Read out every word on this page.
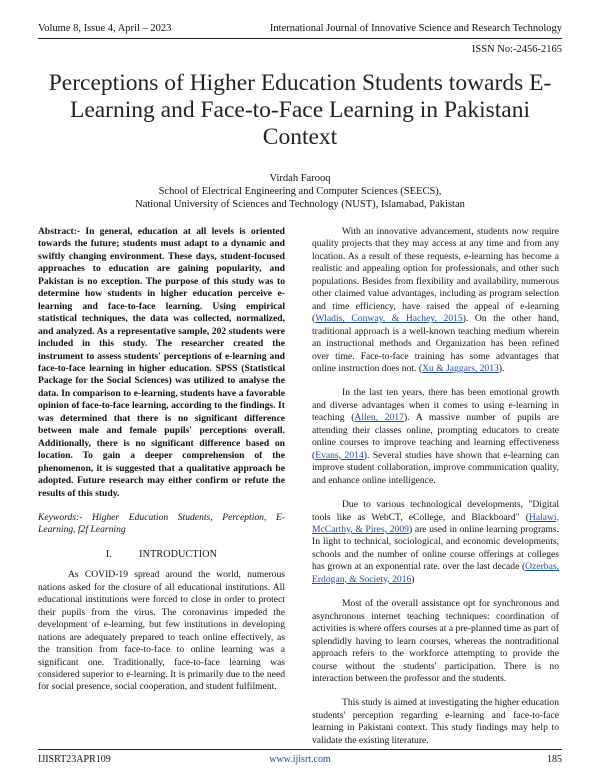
Volume 8, Issue 4, April – 2023	International Journal of Innovative Science and Research Technology
ISSN No:-2456-2165
Perceptions of Higher Education Students towards E-Learning and Face-to-Face Learning in Pakistani Context
Virdah Farooq
School of Electrical Engineering and Computer Sciences (SEECS),
National University of Sciences and Technology (NUST), Islamabad, Pakistan

Abstract:- In general, education at all levels is oriented towards the future; students must adapt to a dynamic and swiftly changing environment. These days, student-focused approaches to education are gaining popularity, and Pakistan is no exception. The purpose of this study was to determine how students in higher education perceive e-learning and face-to-face learning. Using empirical statistical techniques, the data was collected, normalized, and analyzed. As a representative sample, 202 students were included in this study. The researcher created the instrument to assess students' perceptions of e-learning and face-to-face learning in higher education. SPSS (Statistical Package for the Social Sciences) was utilized to analyse the data. In comparison to e-learning, students have a favorable opinion of face-to-face learning, according to the findings. It was determined that there is no significant difference between male and female pupils' perceptions overall. Additionally, there is no significant difference based on location. To gain a deeper comprehension of the phenomenon, it is suggested that a qualitative approach be adopted. Future research may either confirm or refute the results of this study.

Keywords:- Higher Education Students, Perception, E-Learning, f2f Learning

I.	INTRODUCTION

As COVID-19 spread around the world, numerous nations asked for the closure of all educational institutions. All educational institutions were forced to close in order to protect their pupils from the virus. The coronavirus impeded the development of e-learning, but few institutions in developing nations are adequately prepared to teach online effectively, as the transition from face-to-face to online learning was a significant one. Traditionally, face-to-face learning was considered superior to e-learning. It is primarily due to the need for social presence, social cooperation, and student fulfilment.

With an innovative advancement, students now require quality projects that they may access at any time and from any location. As a result of these requests, e-learning has become a realistic and appealing option for professionals, and other such populations. Besides from flexibility and availability, numerous other claimed value advantages, including as program selection and time efficiency, have raised the appeal of e-learning (Wladis, Conway, & Hachey, 2015). On the other hand, traditional approach is a well-known teaching medium wherein an instructional methods and Organization has been refined over time. Face-to-face training has some advantages that online instruction does not. (Xu & Jaggars, 2013).

In the last ten years, there has been emotional growth and diverse advantages when it comes to using e-learning in teaching (Allen, 2017). A massive number of pupils are attending their classes online, prompting educators to create online courses to improve teaching and learning effectiveness (Evans, 2014). Several studies have shown that e-learning can improve student collaboration, improve communication quality, and enhance online intelligence.

Due to various technological developments, "Digital tools like as WebCT, eCollege, and Blackboard" (Halawi, McCarthy, & Pires, 2009) are used in online learning programs. In light to technical, sociological, and economic developments, schools and the number of online course offerings at colleges has grown at an exponential rate. over the last decade (Ozerbas, Erdogan, & Society, 2016)

Most of the overall assistance opt for synchronous and asynchronous internet teaching techniques: coordination of activities is where offers courses at a pre-planned time as part of splendidly having to learn courses, whereas the nontraditional approach refers to the workforce attempting to provide the course without the students' participation. There is no interaction between the professor and the students.

This study is aimed at investigating the higher education students' perception regarding e-learning and face-to-face learning in Pakistani context. This study findings may help to validate the existing literature.

IJISRT23APR109	www.ijisrt.com	185
